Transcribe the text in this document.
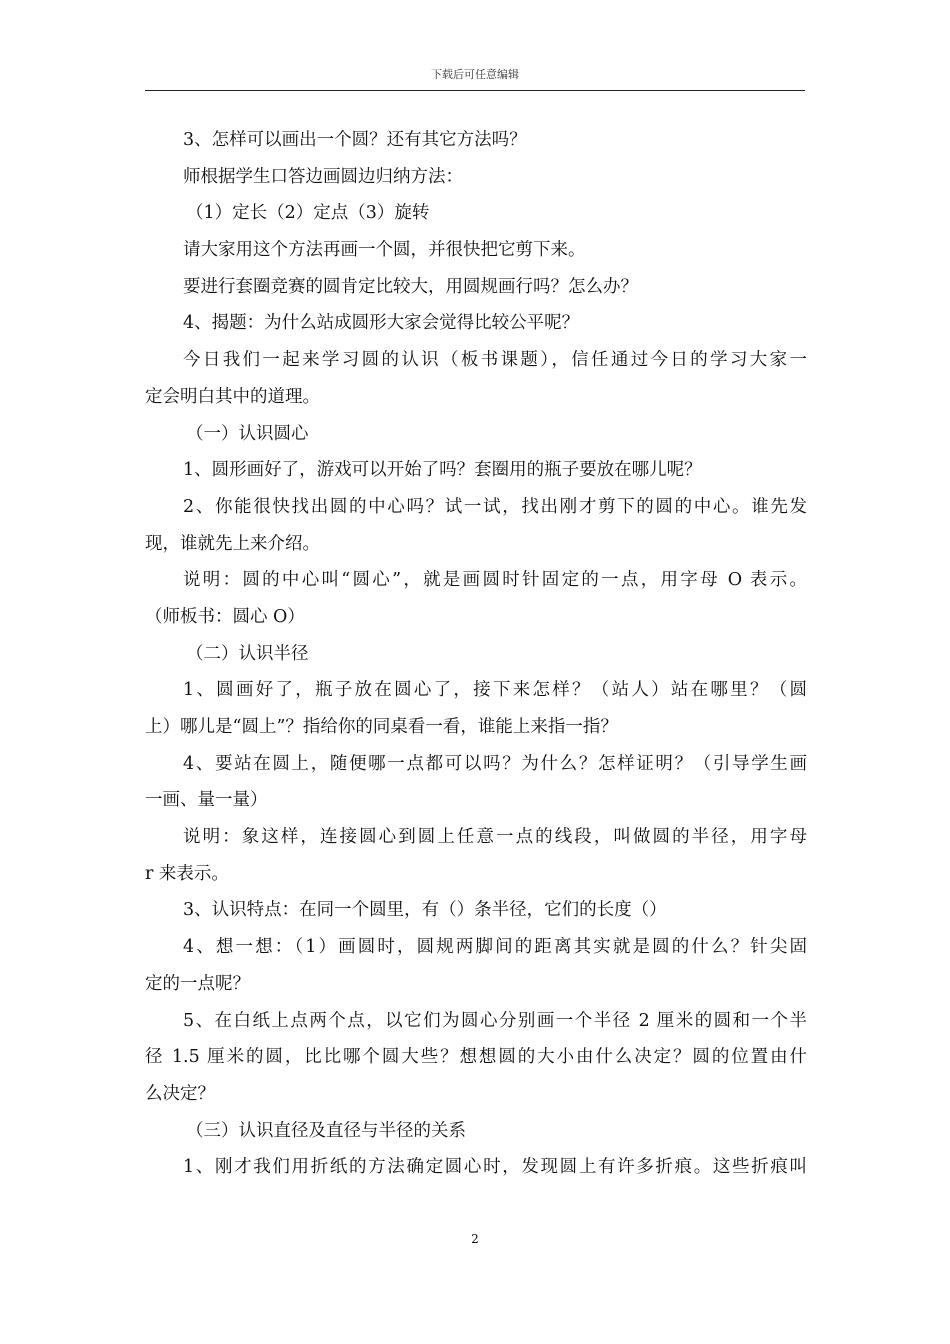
下载后可任意编辑
3、怎样可以画出一个圆？还有其它方法吗？
师根据学生口答边画圆边归纳方法：
（1）定长（2）定点（3）旋转
请大家用这个方法再画一个圆，并很快把它剪下来。
要进行套圈竞赛的圆肯定比较大，用圆规画行吗？怎么办？
4、揭题：为什么站成圆形大家会觉得比较公平呢？
今日我们一起来学习圆的认识（板书课题），信任通过今日的学习大家一
定会明白其中的道理。
（一）认识圆心
1、圆形画好了，游戏可以开始了吗？套圈用的瓶子要放在哪儿呢？
2、你能很快找出圆的中心吗？试一试，找出刚才剪下的圆的中心。谁先发
现，谁就先上来介绍。
说明：圆的中心叫“圆心”，就是画圆时针固定的一点，用字母 O 表示。
（师板书：圆心 O）
（二）认识半径
1、圆画好了，瓶子放在圆心了，接下来怎样？（站人）站在哪里？（圆
上）哪儿是“圆上”？指给你的同桌看一看，谁能上来指一指？
4、要站在圆上，随便哪一点都可以吗？为什么？怎样证明？（引导学生画
一画、量一量）
说明：象这样，连接圆心到圆上任意一点的线段，叫做圆的半径，用字母
r 来表示。
3、认识特点：在同一个圆里，有（）条半径，它们的长度（）
4、想一想：（1）画圆时，圆规两脚间的距离其实就是圆的什么？针尖固
定的一点呢？
5、在白纸上点两个点，以它们为圆心分别画一个半径 2 厘米的圆和一个半
径 1.5 厘米的圆，比比哪个圆大些？想想圆的大小由什么决定？圆的位置由什
么决定？
（三）认识直径及直径与半径的关系
1、刚才我们用折纸的方法确定圆心时，发现圆上有许多折痕。这些折痕叫
2
